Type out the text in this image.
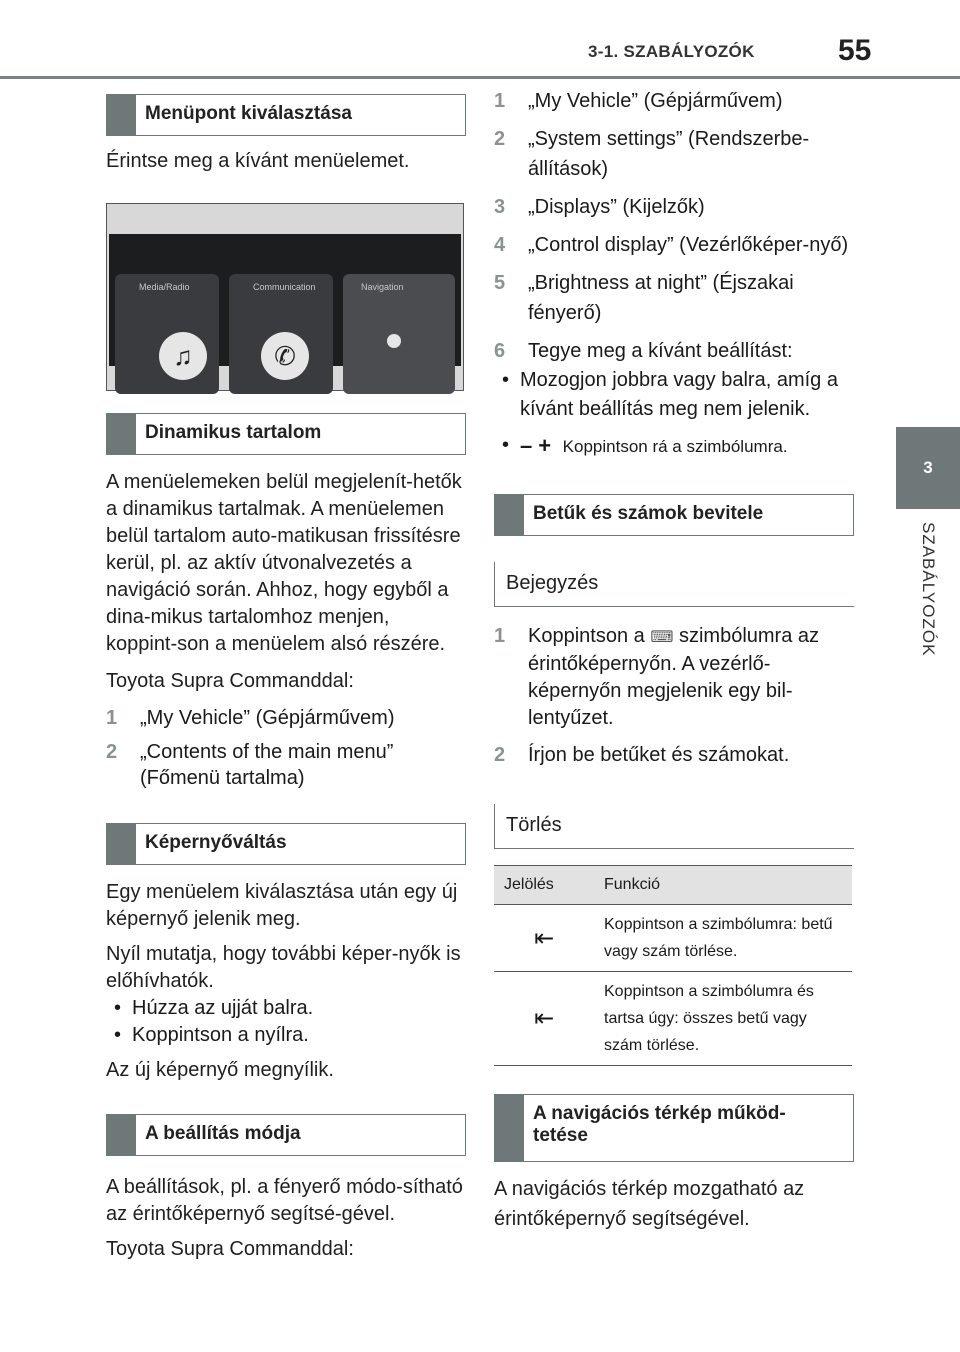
3-1. SZABÁLYOZÓK	55
3
SZABÁLYOZÓK
Menüpont kiválasztása

Érintse meg a kívánt menüelemet.

Media/Radio
♫
Communication
✆
Navigation
Dinamikus tartalom

A menüelemeken belül megjelenít-hetők a dinamikus tartalmak. A menüelemen belül tartalom auto-matikusan frissítésre kerül, pl. az aktív útvonalvezetés a navigáció során. Ahhoz, hogy egyből a dina-mikus tartalomhoz menjen, koppint-son a menüelem alsó részére.

Toyota Supra Commanddal:

1 „My Vehicle” (Gépjárművem)
2 „Contents of the main menu” (Főmenü tartalma)
Képernyőváltás

Egy menüelem kiválasztása után egy új képernyő jelenik meg.

Nyíl mutatja, hogy további képer-nyők is előhívhatók.

• Húzza az ujját balra.
• Koppintson a nyílra.

Az új képernyő megnyílik.

A beállítás módja

A beállítások, pl. a fényerő módo-sítható az érintőképernyő segítsé-gével.

Toyota Supra Commanddal:

1 „My Vehicle” (Gépjárművem)
2 „System settings” (Rendszerbe-állítások)
3 „Displays” (Kijelzők)
4 „Control display” (Vezérlőképer-nyő)
5 „Brightness at night” (Éjszakai fényerő)
6 Tegye meg a kívánt beállítást:
• Mozogjon jobbra vagy balra, amíg a kívánt beállítás meg nem jelenik.
• –+ Koppintson rá a szimbólumra.
Betűk és számok bevitele
Bejegyzés
1 Koppintson a ⌨ szimbólumra az érintőképernyőn. A vezérlő-képernyőn megjelenik egy bil-lentyűzet.
2 Írjon be betűket és számokat.
Törlés
Jelölés	Funkció
⇤	Koppintson a szimbólumra: betű vagy szám törlése.
⇤	Koppintson a szimbólumra és tartsa úgy: összes betű vagy szám törlése.
A navigációs térkép működ-tetése

A navigációs térkép mozgatható az érintőképernyő segítségével.
